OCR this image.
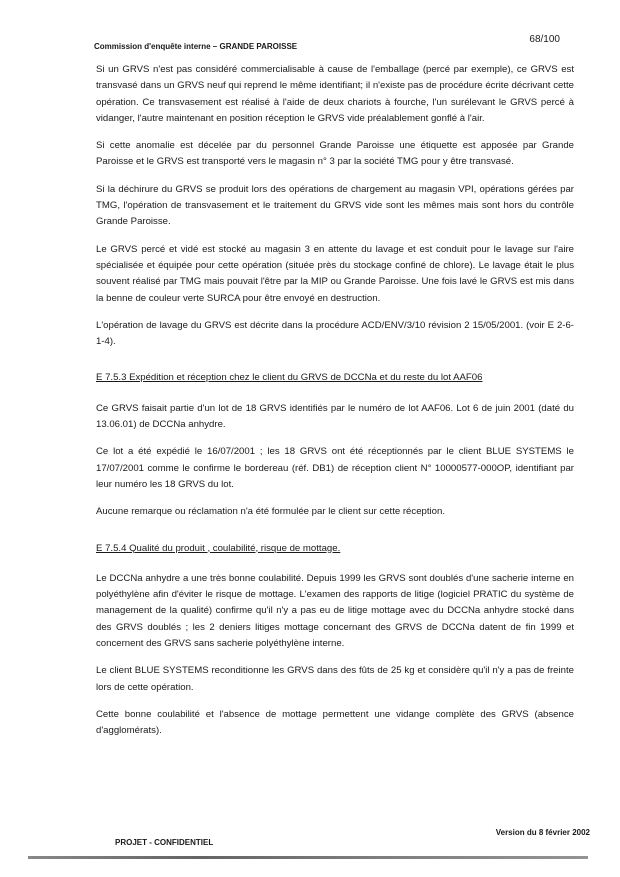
Commission d'enquête interne – GRANDE PAROISSE
68/100

Si un GRVS n'est pas considéré commercialisable à cause de l'emballage (percé par exemple), ce GRVS est transvasé dans un GRVS neuf qui reprend le même identifiant; il n'existe pas de procédure écrite décrivant cette opération. Ce transvasement est réalisé à l'aide de deux chariots à fourche, l'un surélevant le GRVS percé à vidanger, l'autre maintenant en position réception le GRVS vide préalablement gonflé à l'air.

Si cette anomalie est décelée par du personnel Grande Paroisse une étiquette est apposée par Grande Paroisse et le GRVS est transporté vers le magasin n° 3 par la société TMG pour y être transvasé.

Si la déchirure du GRVS se produit lors des opérations de chargement au magasin VPI, opérations gérées par TMG, l'opération de transvasement et le traitement du GRVS vide sont les mêmes mais sont hors du contrôle Grande Paroisse.

Le GRVS percé et vidé est stocké au magasin 3 en attente du lavage et est conduit pour le lavage sur l'aire spécialisée et équipée pour cette opération (située près du stockage confiné de chlore). Le lavage était le plus souvent réalisé par TMG mais pouvait l'être par la MIP ou Grande Paroisse. Une fois lavé le GRVS est mis dans la benne de couleur verte SURCA pour être envoyé en destruction.

L'opération de lavage du GRVS est décrite dans la procédure ACD/ENV/3/10 révision 2 15/05/2001. (voir E 2-6-1-4).

E 7.5.3 Expédition et réception chez le client du GRVS de DCCNa et du reste du lot AAF06

Ce GRVS faisait partie d'un lot de 18 GRVS identifiés par le numéro de lot AAF06. Lot 6 de juin 2001 (daté du 13.06.01) de DCCNa anhydre.

Ce lot a été expédié le 16/07/2001 ; les 18 GRVS ont été réceptionnés par le client BLUE SYSTEMS le 17/07/2001 comme le confirme le bordereau (réf. DB1) de réception client N° 10000577-000OP, identifiant par leur numéro les 18 GRVS du lot.

Aucune remarque ou réclamation n'a été formulée par le client sur cette réception.

E 7.5.4 Qualité du produit , coulabilité, risque de mottage.

Le DCCNa anhydre a une très bonne coulabilité. Depuis 1999 les GRVS sont doublés d'une sacherie interne en polyéthylène afin d'éviter le risque de mottage. L'examen des rapports de litige (logiciel PRATIC du système de management de la qualité) confirme qu'il n'y a pas eu de litige mottage avec du DCCNa anhydre stocké dans des GRVS doublés ; les 2 deniers litiges mottage concernant des GRVS de DCCNa datent de fin 1999 et concernent des GRVS sans sacherie polyéthylène interne.

Le client BLUE SYSTEMS reconditionne les GRVS dans des fûts de 25 kg et considère qu'il n'y a pas de freinte lors de cette opération.

Cette bonne coulabilité et l'absence de mottage permettent une vidange complète des GRVS (absence d'agglomérats).

Version du 8 février 2002
PROJET - CONFIDENTIEL
